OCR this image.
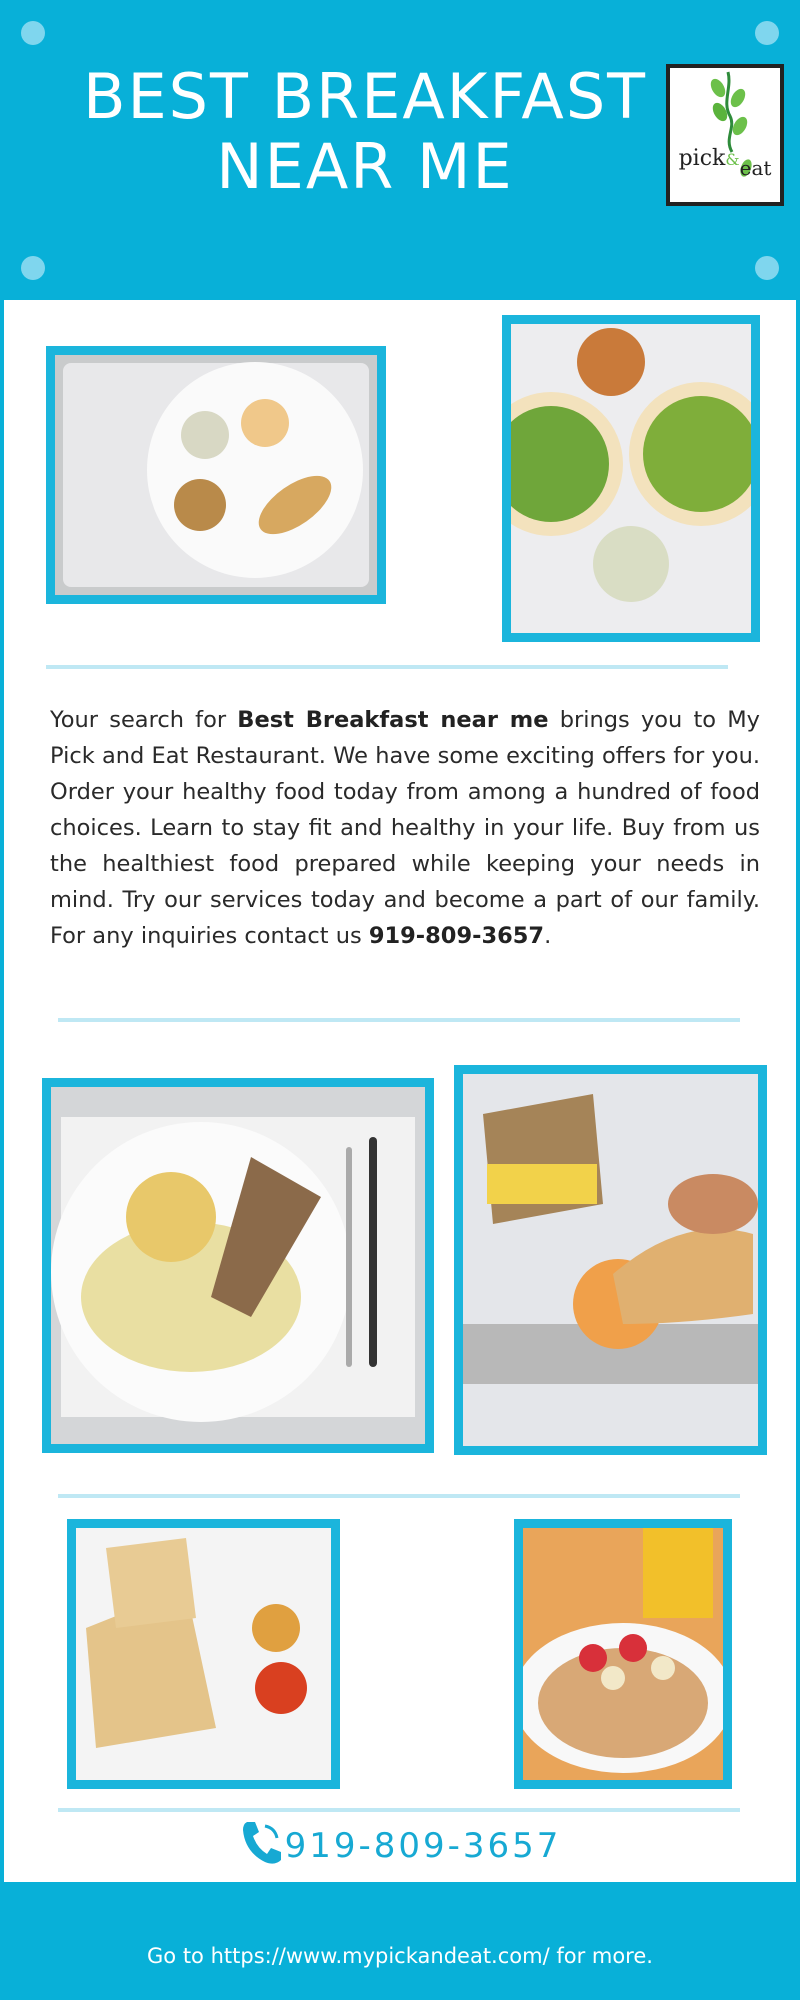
BEST BREAKFAST
NEAR ME	pick&eat

Your search for Best Breakfast near me brings you to My Pick and Eat Restaurant. We have some exciting offers for you. Order your healthy food today from among a hundred of food choices. Learn to stay fit and healthy in your life. Buy from us the healthiest food prepared while keeping your needs in mind. Try our services today and become a part of our family. For any inquiries contact us 919-809-3657.

919-809-3657
Go to https://www.mypickandeat.com/ for more.
